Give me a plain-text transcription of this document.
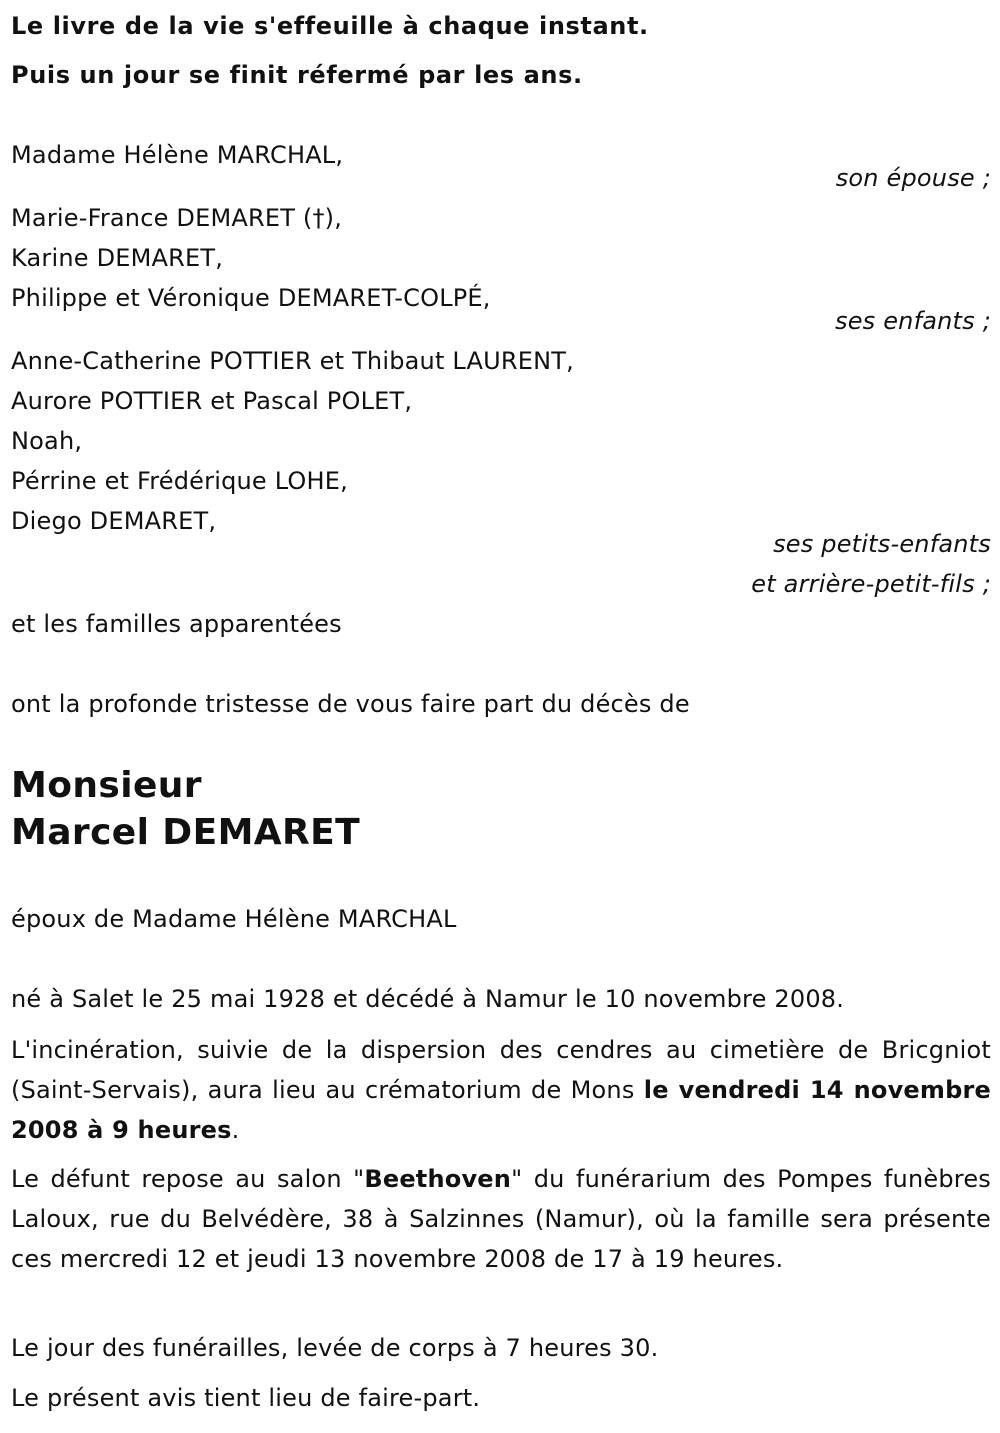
Le livre de la vie s'effeuille à chaque instant.
Puis un jour se finit réfermé par les ans.
Madame Hélène MARCHAL,
son épouse ;
Marie-France DEMARET (†),
Karine DEMARET,
Philippe et Véronique DEMARET-COLPÉ,
ses enfants ;
Anne-Catherine POTTIER et Thibaut LAURENT,
Aurore POTTIER et Pascal POLET,
Noah,
Pérrine et Frédérique LOHE,
Diego DEMARET,
ses petits-enfants
et arrière-petit-fils ;
et les familles apparentées
ont la profonde tristesse de vous faire part du décès de
Monsieur
Marcel DEMARET
époux de Madame Hélène MARCHAL
né à Salet le 25 mai 1928 et décédé à Namur le 10 novembre 2008.
L'incinération, suivie de la dispersion des cendres au cimetière de Bricgniot (Saint-Servais), aura lieu au crématorium de Mons le vendredi 14 novembre 2008 à 9 heures.
Le défunt repose au salon "Beethoven" du funérarium des Pompes funèbres Laloux, rue du Belvédère, 38 à Salzinnes (Namur), où la famille sera présente ces mercredi 12 et jeudi 13 novembre 2008 de 17 à 19 heures.
Le jour des funérailles, levée de corps à 7 heures 30.
Le présent avis tient lieu de faire-part.
